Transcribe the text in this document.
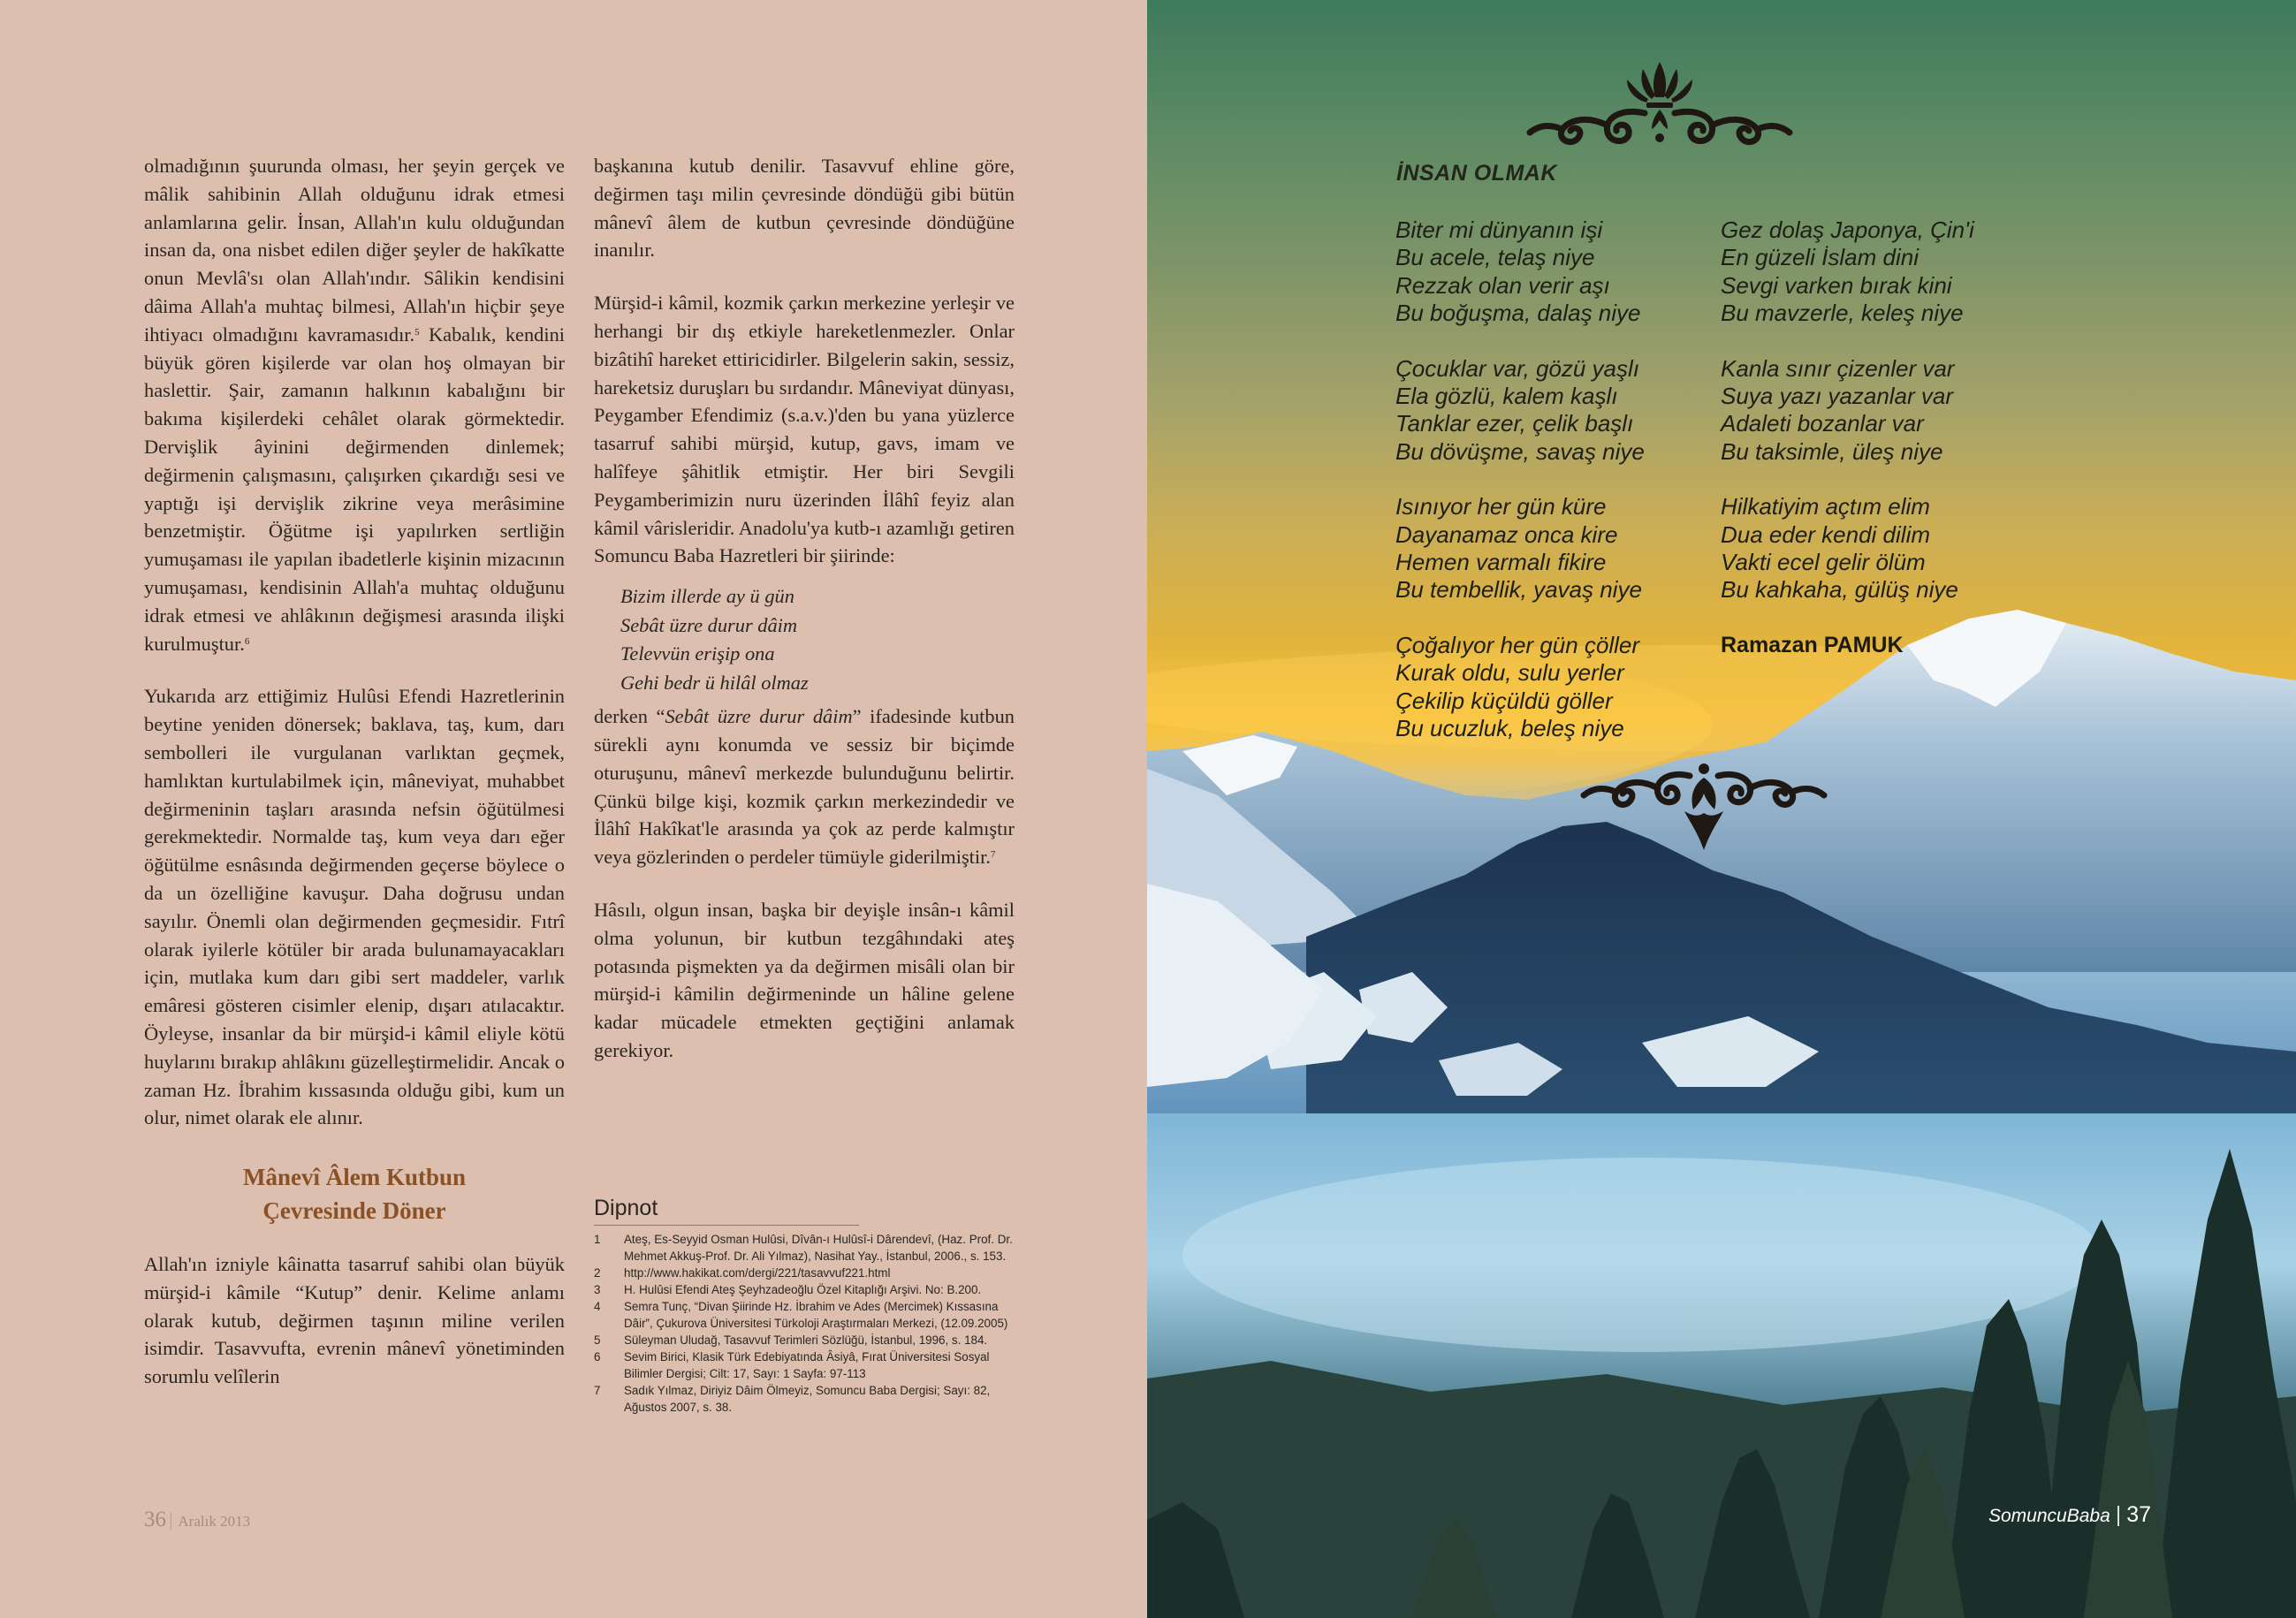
olmadığının şuurunda olması, her şeyin gerçek ve mâlik sahibinin Allah olduğunu idrak etmesi anlamlarına gelir. İnsan, Allah'ın kulu olduğundan insan da, ona nisbet edilen diğer şeyler de hakîkatte onun Mevlâ'sı olan Allah'ındır. Sâlikin kendisini dâima Allah'a muhtaç bilmesi, Allah'ın hiçbir şeye ihtiyacı olmadığını kavramasıdır.$^5$ Kabalık, kendini büyük gören kişilerde var olan hoş olmayan bir haslettir. Şair, zamanın halkının kabalığını bir bakıma kişilerdeki cehâlet olarak görmektedir. Dervişlik âyinini değirmenden dinlemek; değirmenin çalışmasını, çalışırken çıkardığı sesi ve yaptığı işi dervişlik zikrine veya merâsimine benzetmiştir. Öğütme işi yapılırken sertliğin yumuşaması ile yapılan ibadetlerle kişinin mizacının yumuşaması, kendisinin Allah'a muhtaç olduğunu idrak etmesi ve ahlâkının değişmesi arasında ilişki kurulmuştur.$^6$

Yukarıda arz ettiğimiz Hulûsi Efendi Hazretlerinin beytine yeniden dönersek; baklava, taş, kum, darı sembolleri ile vurgulanan varlıktan geçmek, hamlıktan kurtulabilmek için, mâneviyat, muhabbet değirmeninin taşları arasında nefsin öğütülmesi gerekmektedir. Normalde taş, kum veya darı eğer öğütülme esnâsında değirmenden geçerse böylece o da un özelliğine kavuşur. Daha doğrusu undan sayılır. Önemli olan değirmenden geçmesidir. Fıtrî olarak iyilerle kötüler bir arada bulunamayacakları için, mutlaka kum darı gibi sert maddeler, varlık emâresi gösteren cisimler elenip, dışarı atılacaktır. Öyleyse, insanlar da bir mürşid-i kâmil eliyle kötü huylarını bırakıp ahlâkını güzelleştirmelidir. Ancak o zaman Hz. İbrahim kıssasında olduğu gibi, kum un olur, nimet olarak ele alınır.

Mânevî Âlem Kutbun
Çevresinde Döner

Allah'ın izniyle kâinatta tasarruf sahibi olan büyük mürşid-i kâmile “Kutup” denir. Kelime anlamı olarak kutub, değirmen taşının miline verilen isimdir. Tasavvufta, evrenin mânevî yönetiminden sorumlu velîlerin

başkanına kutub denilir. Tasavvuf ehline göre, değirmen taşı milin çevresinde döndüğü gibi bütün mânevî âlem de kutbun çevresinde döndüğüne inanılır.

Mürşid-i kâmil, kozmik çarkın merkezine yerleşir ve herhangi bir dış etkiyle hareketlenmezler. Onlar bizâtihî hareket ettiricidirler. Bilgelerin sakin, sessiz, hareketsiz duruşları bu sırdandır. Mâneviyat dünyası, Peygamber Efendimiz (s.a.v.)'den bu yana yüzlerce tasarruf sahibi mürşid, kutup, gavs, imam ve halîfeye şâhitlik etmiştir. Her biri Sevgili Peygamberimizin nuru üzerinden İlâhî feyiz alan kâmil vârisleridir. Anadolu'ya kutb-ı azamlığı getiren Somuncu Baba Hazretleri bir şiirinde:

Bizim illerde ay ü gün
Sebât üzre durur dâim
Televvün erişip ona
Gehi bedr ü hilâl olmaz

derken “Sebât üzre durur dâim” ifadesinde kutbun sürekli aynı konumda ve sessiz bir biçimde oturuşunu, mânevî merkezde bulunduğunu belirtir. Çünkü bilge kişi, kozmik çarkın merkezindedir ve İlâhî Hakîkat'le arasında ya çok az perde kalmıştır veya gözlerinden o perdeler tümüyle giderilmiştir.$^7$

Hâsılı, olgun insan, başka bir deyişle insân-ı kâmil olma yolunun, bir kutbun tezgâhındaki ateş potasında pişmekten ya da değirmen misâli olan bir mürşid-i kâmilin değirmeninde un hâline gelene kadar mücadele etmekten geçtiğini anlamak gerekiyor.

Dipnot
1 Ateş, Es-Seyyid Osman Hulûsi, Dîvân-ı Hulûsî-i Dârendevî, (Haz. Prof. Dr. Mehmet Akkuş-Prof. Dr. Ali Yılmaz), Nasihat Yay., İstanbul, 2006., s. 153.
2 http://www.hakikat.com/dergi/221/tasavvuf221.html
3 H. Hulûsi Efendi Ateş Şeyhzadeoğlu Özel Kitaplığı Arşivi. No: B.200.
4 Semra Tunç, “Divan Şiirinde Hz. İbrahim ve Ades (Mercimek) Kıssasına Dâir”, Çukurova Üniversitesi Türkoloji Araştırmaları Merkezi, (12.09.2005)
5 Süleyman Uludağ, Tasavvuf Terimleri Sözlüğü, İstanbul, 1996, s. 184.
6 Sevim Birici, Klasik Türk Edebiyatında Âsiyâ, Fırat Üniversitesi Sosyal Bilimler Dergisi; Cilt: 17, Sayı: 1 Sayfa: 97-113
7 Sadık Yılmaz, Diriyiz Dâim Ölmeyiz, Somuncu Baba Dergisi; Sayı: 82, Ağustos 2007, s. 38.
36 | Aralık 2013
İNSAN OLMAK
Biter mi dünyanın işi
Bu acele, telaş niye
Rezzak olan verir aşı
Bu boğuşma, dalaş niye
Çocuklar var, gözü yaşlı
Ela gözlü, kalem kaşlı
Tanklar ezer, çelik başlı
Bu dövüşme, savaş niye
Isınıyor her gün küre
Dayanamaz onca kire
Hemen varmalı fikire
Bu tembellik, yavaş niye
Çoğalıyor her gün çöller
Kurak oldu, sulu yerler
Çekilip küçüldü göller
Bu ucuzluk, beleş niye
Gez dolaş Japonya, Çin'i
En güzeli İslam dini
Sevgi varken bırak kini
Bu mavzerle, keleş niye
Kanla sınır çizenler var
Suya yazı yazanlar var
Adaleti bozanlar var
Bu taksimle, üleş niye
Hilkatiyim açtım elim
Dua eder kendi dilim
Vakti ecel gelir ölüm
Bu kahkaha, gülüş niye
Ramazan PAMUK
SomuncuBaba | 37
